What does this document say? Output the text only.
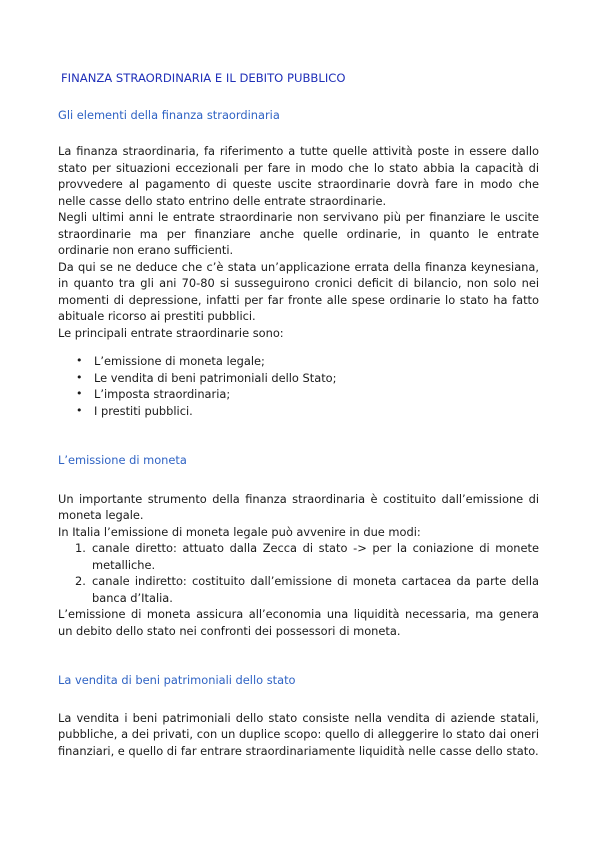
FINANZA STRAORDINARIA E IL DEBITO PUBBLICO
Gli elementi della finanza straordinaria

La finanza straordinaria, fa riferimento a tutte quelle attività poste in essere dallo stato per situazioni eccezionali per fare in modo che lo stato abbia la capacità di provvedere al pagamento di queste uscite straordinarie dovrà fare in modo che nelle casse dello stato entrino delle entrate straordinarie.

Negli ultimi anni le entrate straordinarie non servivano più per finanziare le uscite straordinarie ma per finanziare anche quelle ordinarie, in quanto le entrate ordinarie non erano sufficienti.

Da qui se ne deduce che c’è stata un’applicazione errata della finanza keynesiana, in quanto tra gli ani 70-80 si susseguirono cronici deficit di bilancio, non solo nei momenti di depressione, infatti per far fronte alle spese ordinarie lo stato ha fatto abituale ricorso ai prestiti pubblici.

Le principali entrate straordinarie sono:

• L’emissione di moneta legale;
• Le vendita di beni patrimoniali dello Stato;
• L’imposta straordinaria;
• I prestiti pubblici.
L’emissione di moneta

Un importante strumento della finanza straordinaria è costituito dall’emissione di moneta legale.

In Italia l’emissione di moneta legale può avvenire in due modi:

1. canale diretto: attuato dalla Zecca di stato -> per la coniazione di monete metalliche.
2. canale indiretto: costituito dall’emissione di moneta cartacea da parte della banca d’Italia.

L’emissione di moneta assicura all’economia una liquidità necessaria, ma genera un debito dello stato nei confronti dei possessori di moneta.

La vendita di beni patrimoniali dello stato

La vendita i beni patrimoniali dello stato consiste nella vendita di aziende statali, pubbliche, a dei privati, con un duplice scopo: quello di alleggerire lo stato dai oneri finanziari, e quello di far entrare straordinariamente liquidità nelle casse dello stato.
